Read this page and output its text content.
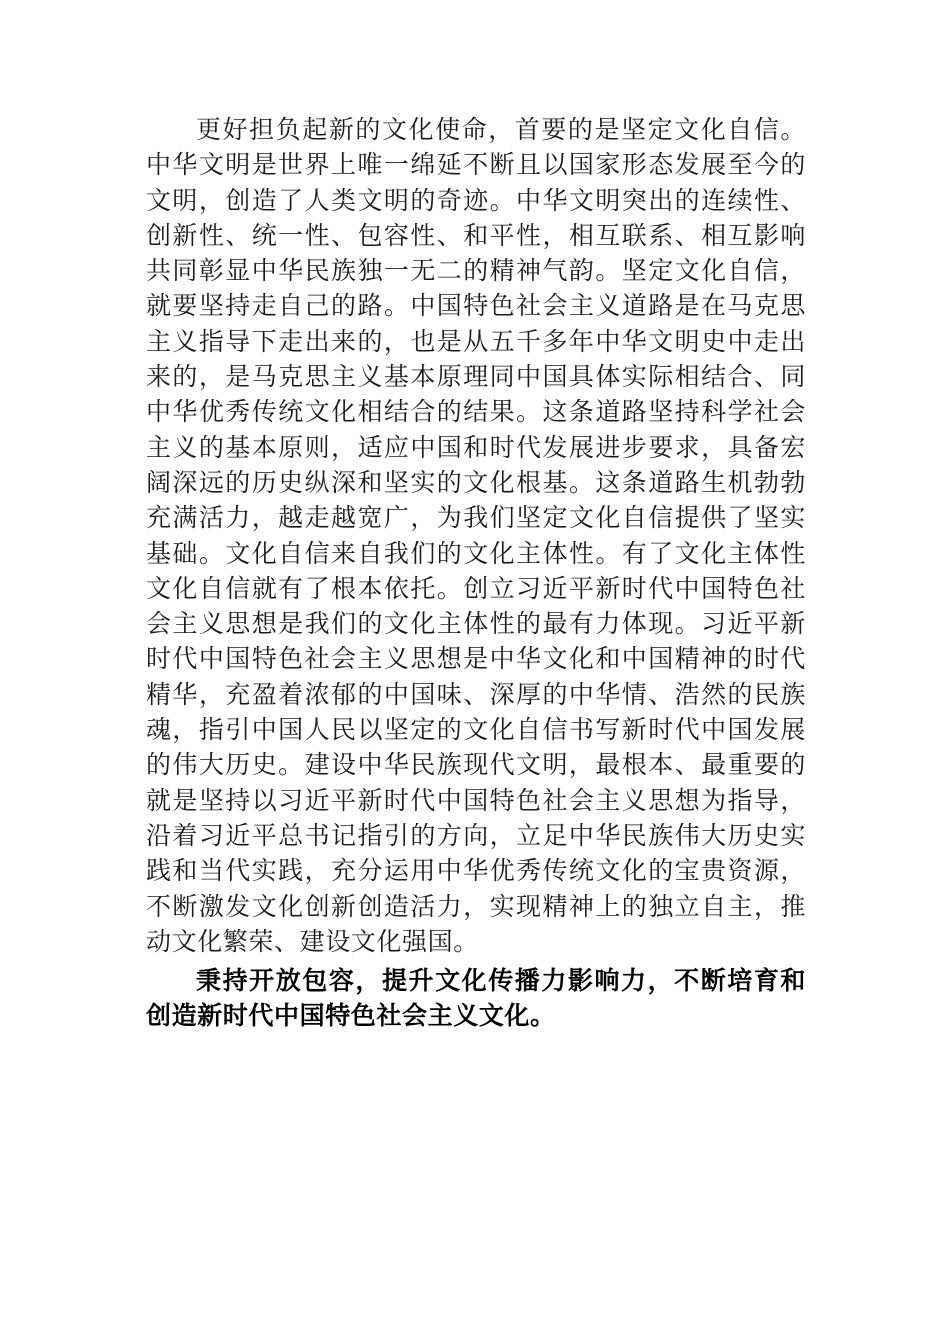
更好担负起新的文化使命，首要的是坚定文化自信。中华文明是世界上唯一绵延不断且以国家形态发展至今的文明，创造了人类文明的奇迹。中华文明突出的连续性、创新性、统一性、包容性、和平性，相互联系、相互影响共同彰显中华民族独一无二的精神气韵。坚定文化自信，就要坚持走自己的路。中国特色社会主义道路是在马克思主义指导下走出来的，也是从五千多年中华文明史中走出来的，是马克思主义基本原理同中国具体实际相结合、同中华优秀传统文化相结合的结果。这条道路坚持科学社会主义的基本原则，适应中国和时代发展进步要求，具备宏阔深远的历史纵深和坚实的文化根基。这条道路生机勃勃充满活力，越走越宽广，为我们坚定文化自信提供了坚实基础。文化自信来自我们的文化主体性。有了文化主体性文化自信就有了根本依托。创立习近平新时代中国特色社会主义思想是我们的文化主体性的最有力体现。习近平新时代中国特色社会主义思想是中华文化和中国精神的时代精华，充盈着浓郁的中国味、深厚的中华情、浩然的民族魂，指引中国人民以坚定的文化自信书写新时代中国发展的伟大历史。建设中华民族现代文明，最根本、最重要的就是坚持以习近平新时代中国特色社会主义思想为指导，沿着习近平总书记指引的方向，立足中华民族伟大历史实践和当代实践，充分运用中华优秀传统文化的宝贵资源，不断激发文化创新创造活力，实现精神上的独立自主，推动文化繁荣、建设文化强国。

秉持开放包容，提升文化传播力影响力，不断培育和创造新时代中国特色社会主义文化。
